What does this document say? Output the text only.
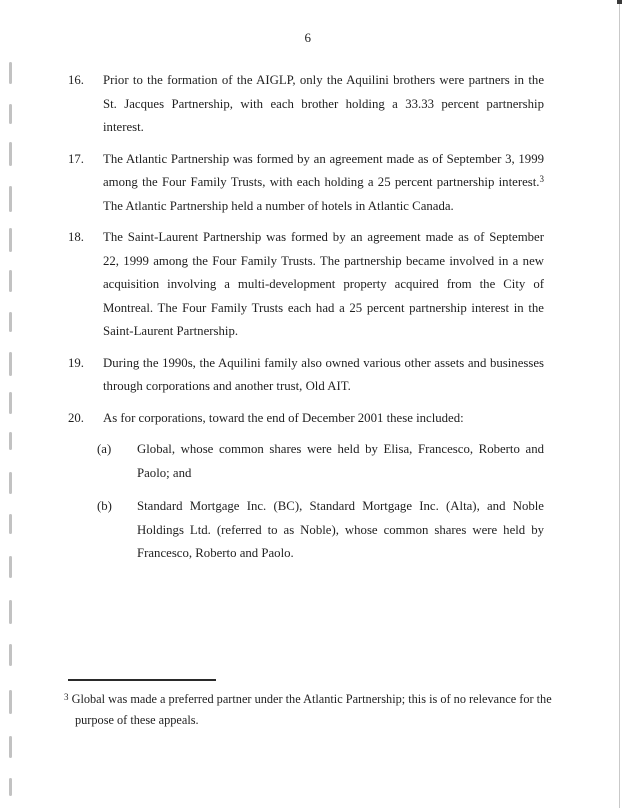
6
16.	Prior to the formation of the AIGLP, only the Aquilini brothers were partners in the St. Jacques Partnership, with each brother holding a 33.33 percent partnership interest.
17.	The Atlantic Partnership was formed by an agreement made as of September 3, 1999 among the Four Family Trusts, with each holding a 25 percent partnership interest.$^3$ The Atlantic Partnership held a number of hotels in Atlantic Canada.
18.	The Saint-Laurent Partnership was formed by an agreement made as of September 22, 1999 among the Four Family Trusts. The partnership became involved in a new acquisition involving a multi-development property acquired from the City of Montreal. The Four Family Trusts each had a 25 percent partnership interest in the Saint-Laurent Partnership.
19.	During the 1990s, the Aquilini family also owned various other assets and businesses through corporations and another trust, Old AIT.
20.	As for corporations, toward the end of December 2001 these included:
(a)	Global, whose common shares were held by Elisa, Francesco, Roberto and Paolo; and
(b)	Standard Mortgage Inc. (BC), Standard Mortgage Inc. (Alta), and Noble Holdings Ltd. (referred to as Noble), whose common shares were held by Francesco, Roberto and Paolo.
$^3$ Global was made a preferred partner under the Atlantic Partnership; this is of no relevance for the purpose of these appeals.
